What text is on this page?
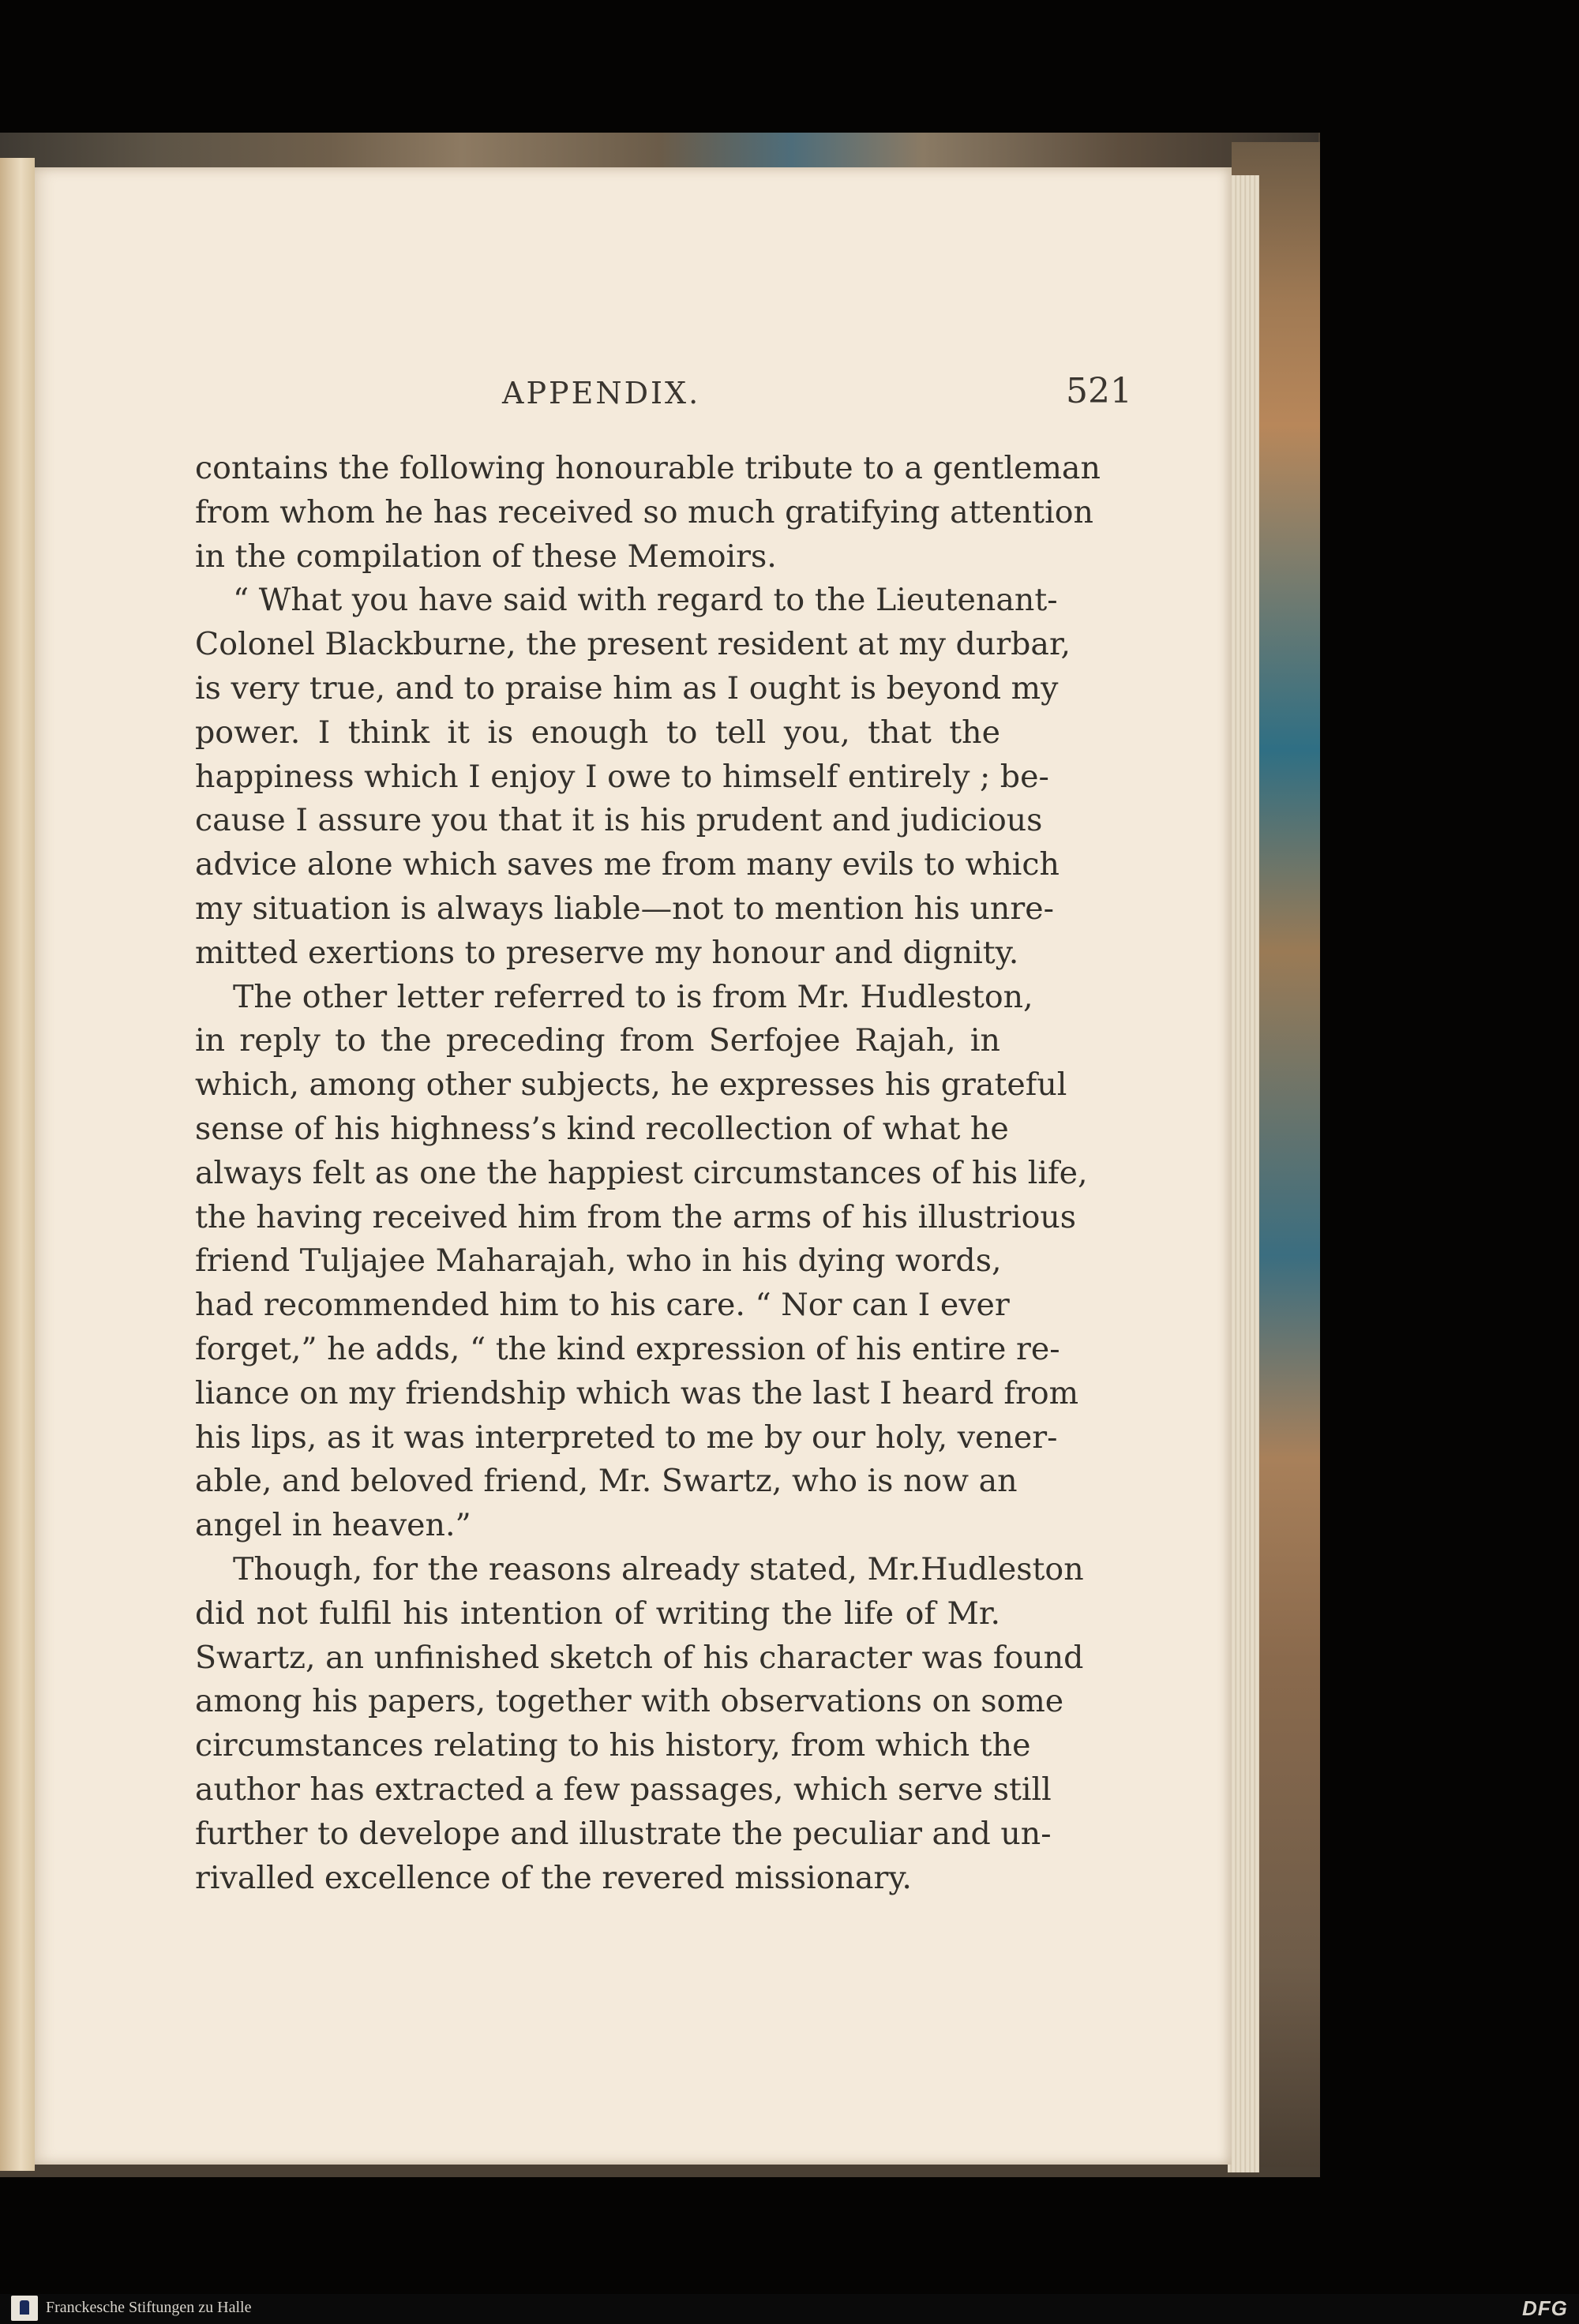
APPENDIX.	521
contains the following honourable tribute to a gentleman
from whom he has received so much gratifying attention
in the compilation of these Memoirs.
“ What you have said with regard to the Lieutenant-
Colonel Blackburne, the present resident at my durbar,
is very true, and to praise him as I ought is beyond my
power. I think it is enough to tell you, that the
happiness which I enjoy I owe to himself entirely ; be-
cause I assure you that it is his prudent and judicious
advice alone which saves me from many evils to which
my situation is always liable—not to mention his unre-
mitted exertions to preserve my honour and dignity.
The other letter referred to is from Mr. Hudleston,
in reply to the preceding from Serfojee Rajah, in
which, among other subjects, he expresses his grateful
sense of his highness’s kind recollection of what he
always felt as one the happiest circumstances of his life,
the having received him from the arms of his illustrious
friend Tuljajee Maharajah, who in his dying words,
had recommended him to his care. “ Nor can I ever
forget,” he adds, “ the kind expression of his entire re-
liance on my friendship which was the last I heard from
his lips, as it was interpreted to me by our holy, vener-
able, and beloved friend, Mr. Swartz, who is now an
angel in heaven.”
Though, for the reasons already stated, Mr.Hudleston
did not fulfil his intention of writing the life of Mr.
Swartz, an unfinished sketch of his character was found
among his papers, together with observations on some
circumstances relating to his history, from which the
author has extracted a few passages, which serve still
further to develope and illustrate the peculiar and un-
rivalled excellence of the revered missionary.
Franckesche Stiftungen zu Halle	DFG
